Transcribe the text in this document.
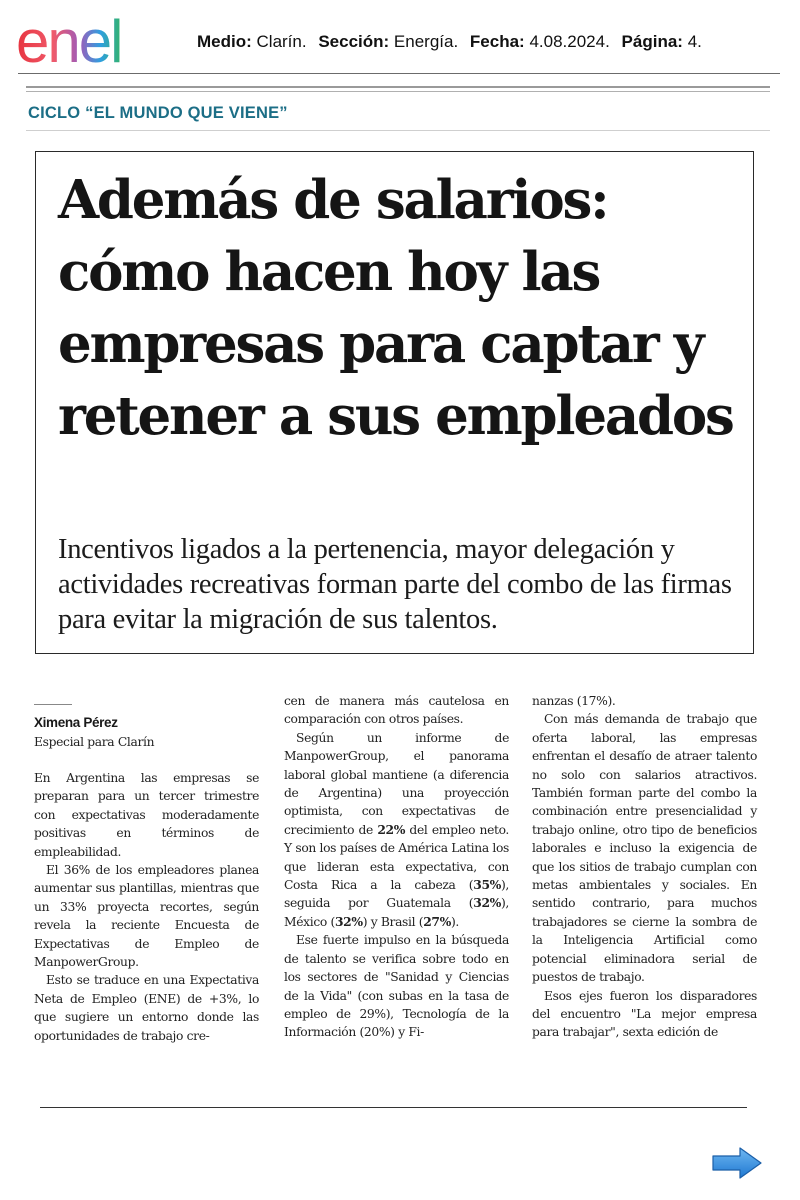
enel	Medio: Clarín. Sección: Energía. Fecha: 4.08.2024. Página: 4.
CICLO “EL MUNDO QUE VIENE”
Además de salarios: cómo hacen hoy las empresas para captar y retener a sus empleados

Incentivos ligados a la pertenencia, mayor delegación y actividades recreativas forman parte del combo de las firmas para evitar la migración de sus talentos.

Ximena Pérez

Especial para Clarín

En Argentina las empresas se preparan para un tercer trimestre con expectativas moderadamente positivas en términos de empleabilidad.

El 36% de los empleadores planea aumentar sus plantillas, mientras que un 33% proyecta recortes, según revela la reciente Encuesta de Expectativas de Empleo de ManpowerGroup.

Esto se traduce en una Expectativa Neta de Empleo (ENE) de +3%, lo que sugiere un entorno donde las oportunidades de trabajo cre-

cen de manera más cautelosa en comparación con otros países.

Según un informe de ManpowerGroup, el panorama laboral global mantiene (a diferencia de Argentina) una proyección optimista, con expectativas de crecimiento de 22% del empleo neto. Y son los países de América Latina los que lideran esta expectativa, con Costa Rica a la cabeza (35%), seguida por Guatemala (32%), México (32%) y Brasil (27%).

Ese fuerte impulso en la búsqueda de talento se verifica sobre todo en los sectores de "Sanidad y Ciencias de la Vida" (con subas en la tasa de empleo de 29%), Tecnología de la Información (20%) y Fi-

nanzas (17%).

Con más demanda de trabajo que oferta laboral, las empresas enfrentan el desafío de atraer talento no solo con salarios atractivos. También forman parte del combo la combinación entre presencialidad y trabajo online, otro tipo de beneficios laborales e incluso la exigencia de que los sitios de trabajo cumplan con metas ambientales y sociales. En sentido contrario, para muchos trabajadores se cierne la sombra de la Inteligencia Artificial como potencial eliminadora serial de puestos de trabajo.

Esos ejes fueron los disparadores del encuentro "La mejor empresa para trabajar", sexta edición de
